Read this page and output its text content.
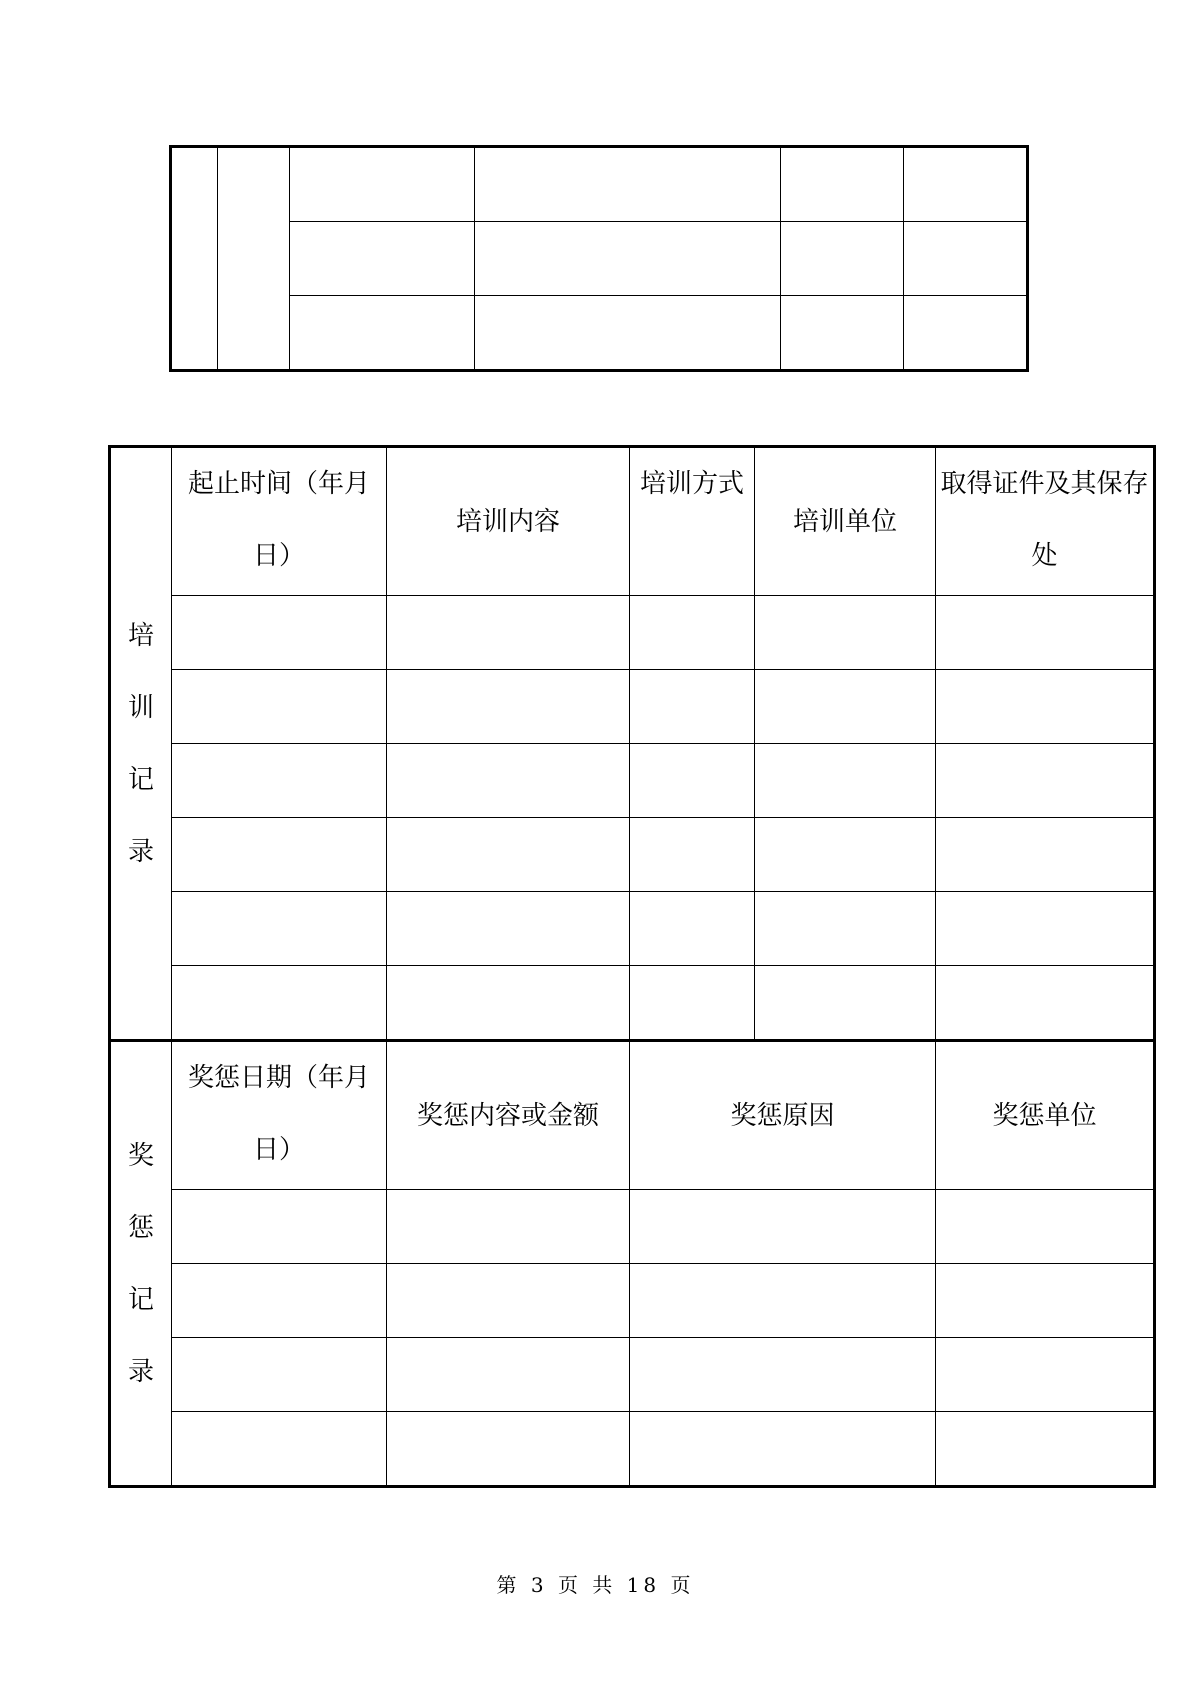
培
训
记
录	起止时间（年月日）	培训内容	培训方式	培训单位	取得证件及其保存处

奖
惩
记
录	奖惩日期（年月日）	奖惩内容或金额	奖惩原因		奖惩单位

第 3 页 共 18 页
